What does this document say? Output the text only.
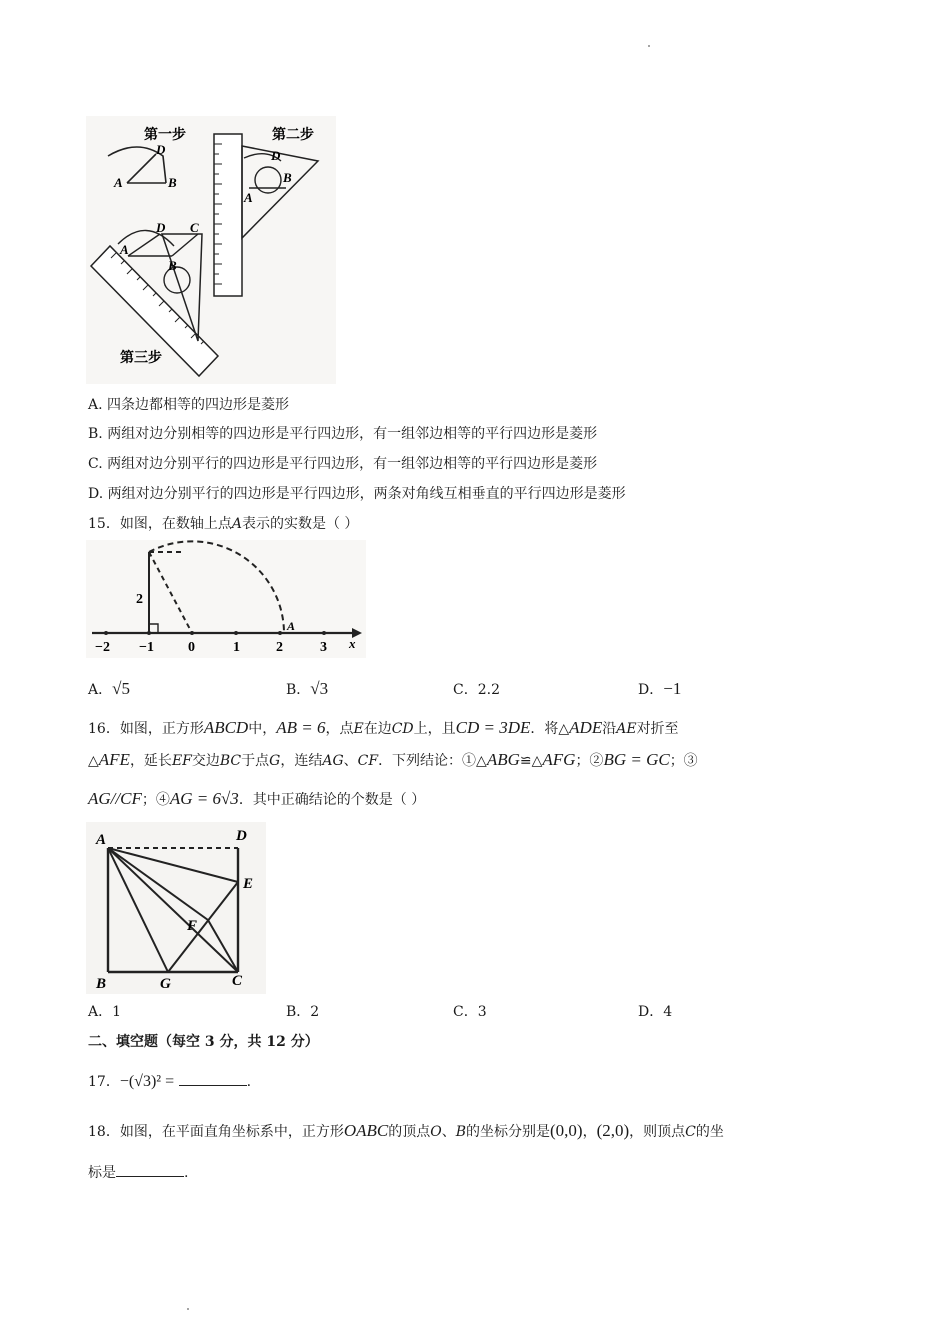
第一步
A	B
D
第二步
D
B
A
A
D C
B
第三步
A. 四条边都相等的四边形是菱形
B. 两组对边分别相等的四边形是平行四边形，有一组邻边相等的平行四边形是菱形
C. 两组对边分别平行的四边形是平行四边形，有一组邻边相等的平行四边形是菱形
D. 两组对边分别平行的四边形是平行四边形，两条对角线互相垂直的平行四边形是菱形
15．如图，在数轴上点A表示的实数是（ ）
−2 −1 0	1	2	3 x
2
A
A．√5	B．√3	C．2.2	D．−1
16．如图，正方形ABCD中，AB = 6，点E在边CD上，且CD = 3DE．将△ADE沿AE对折至
△AFE，延长EF交边BC于点G，连结AG、CF．下列结论：①△ABG≌△AFG；②BG = GC；③
AG//CF；④AG = 6√3．其中正确结论的个数是（ ）
A	D
E
F
B	G	C
A．1	B．2	C．3	D．4
二、填空题（每空 3 分，共 12 分）
17．−(√3)² =	.
18．如图，在平面直角坐标系中，正方形OABC的顶点O、B的坐标分别是(0,0)，(2,0)，则顶点C的坐
标是	.
